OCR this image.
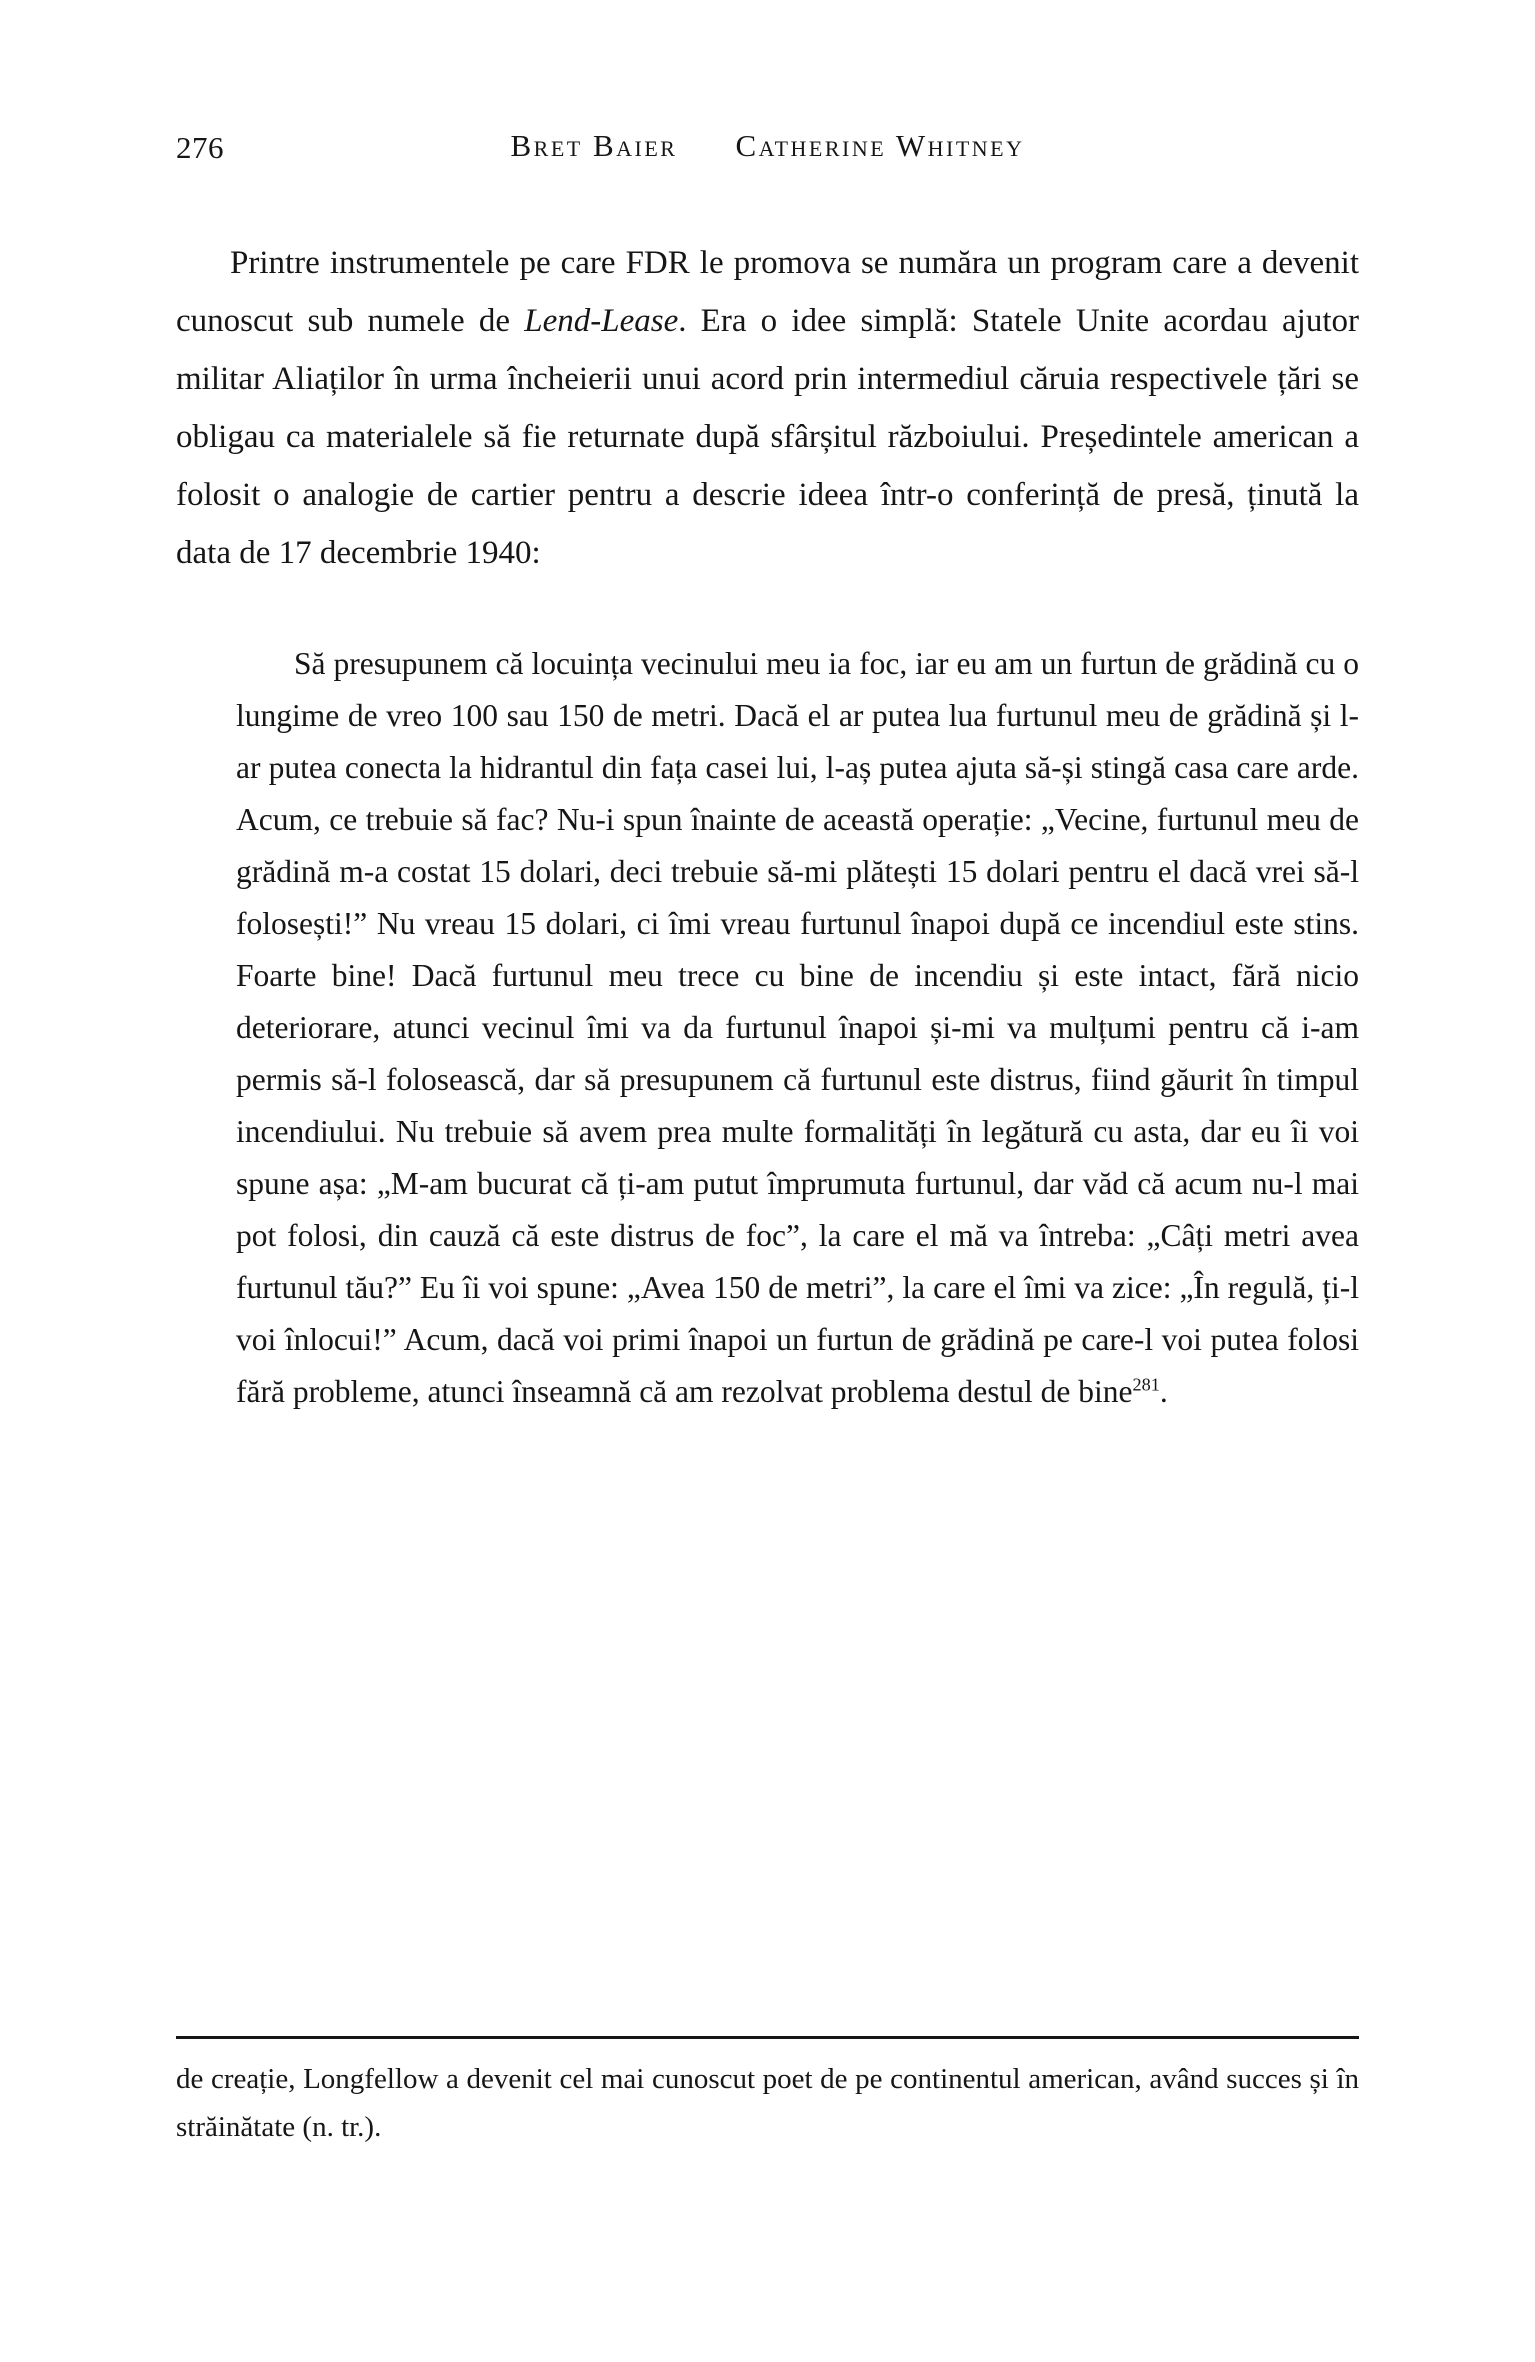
276	Bret Baier Catherine Whitney

Printre instrumentele pe care FDR le promova se număra un program care a devenit cunoscut sub numele de Lend-Lease. Era o idee simplă: Statele Unite acordau ajutor militar Aliaților în urma încheierii unui acord prin intermediul căruia respectivele țări se obligau ca materialele să fie returnate după sfârșitul războiului. Președintele american a folosit o analogie de cartier pentru a descrie ideea într-o conferință de presă, ținută la data de 17 decembrie 1940:

Să presupunem că locuința vecinului meu ia foc, iar eu am un furtun de grădină cu o lungime de vreo 100 sau 150 de metri. Dacă el ar putea lua furtunul meu de grădină și l-ar putea conecta la hidrantul din fața casei lui, l-aș putea ajuta să-și stingă casa care arde. Acum, ce trebuie să fac? Nu-i spun înainte de această operație: „Vecine, furtunul meu de grădină m-a costat 15 dolari, deci trebuie să-mi plătești 15 dolari pentru el dacă vrei să-l folosești!” Nu vreau 15 dolari, ci îmi vreau furtunul înapoi după ce incendiul este stins. Foarte bine! Dacă furtunul meu trece cu bine de incendiu și este intact, fără nicio deteriorare, atunci vecinul îmi va da furtunul înapoi și-mi va mulțumi pentru că i-am permis să-l folosească, dar să presupunem că furtunul este distrus, fiind găurit în timpul incendiului. Nu trebuie să avem prea multe formalități în legătură cu asta, dar eu îi voi spune așa: „M-am bucurat că ți-am putut împrumuta furtunul, dar văd că acum nu-l mai pot folosi, din cauză că este distrus de foc”, la care el mă va întreba: „Câți metri avea furtunul tău?” Eu îi voi spune: „Avea 150 de metri”, la care el îmi va zice: „În regulă, ți-l voi înlocui!” Acum, dacă voi primi înapoi un furtun de grădină pe care-l voi putea folosi fără probleme, atunci înseamnă că am rezolvat problema destul de bine$^{281}$.

de creație, Longfellow a devenit cel mai cunoscut poet de pe continentul american, având succes și în străinătate (n. tr.).
